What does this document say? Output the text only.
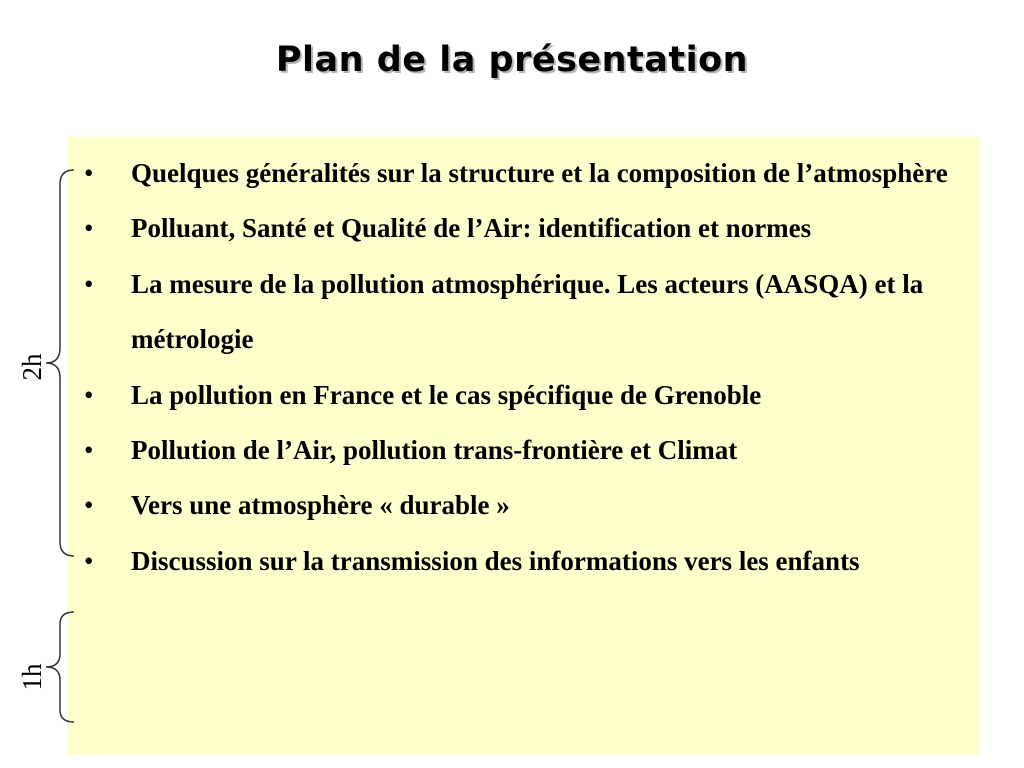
Plan de la présentation
2h
1h
• Quelques généralités sur la structure et la composition de l’atmosphère
• Polluant, Santé et Qualité de l’Air: identification et normes
• La mesure de la pollution atmosphérique. Les acteurs (AASQA) et la métrologie
• La pollution en France et le cas spécifique de Grenoble
• Pollution de l’Air, pollution trans-frontière et Climat
• Vers une atmosphère « durable »
• Discussion sur la transmission des informations vers les enfants
